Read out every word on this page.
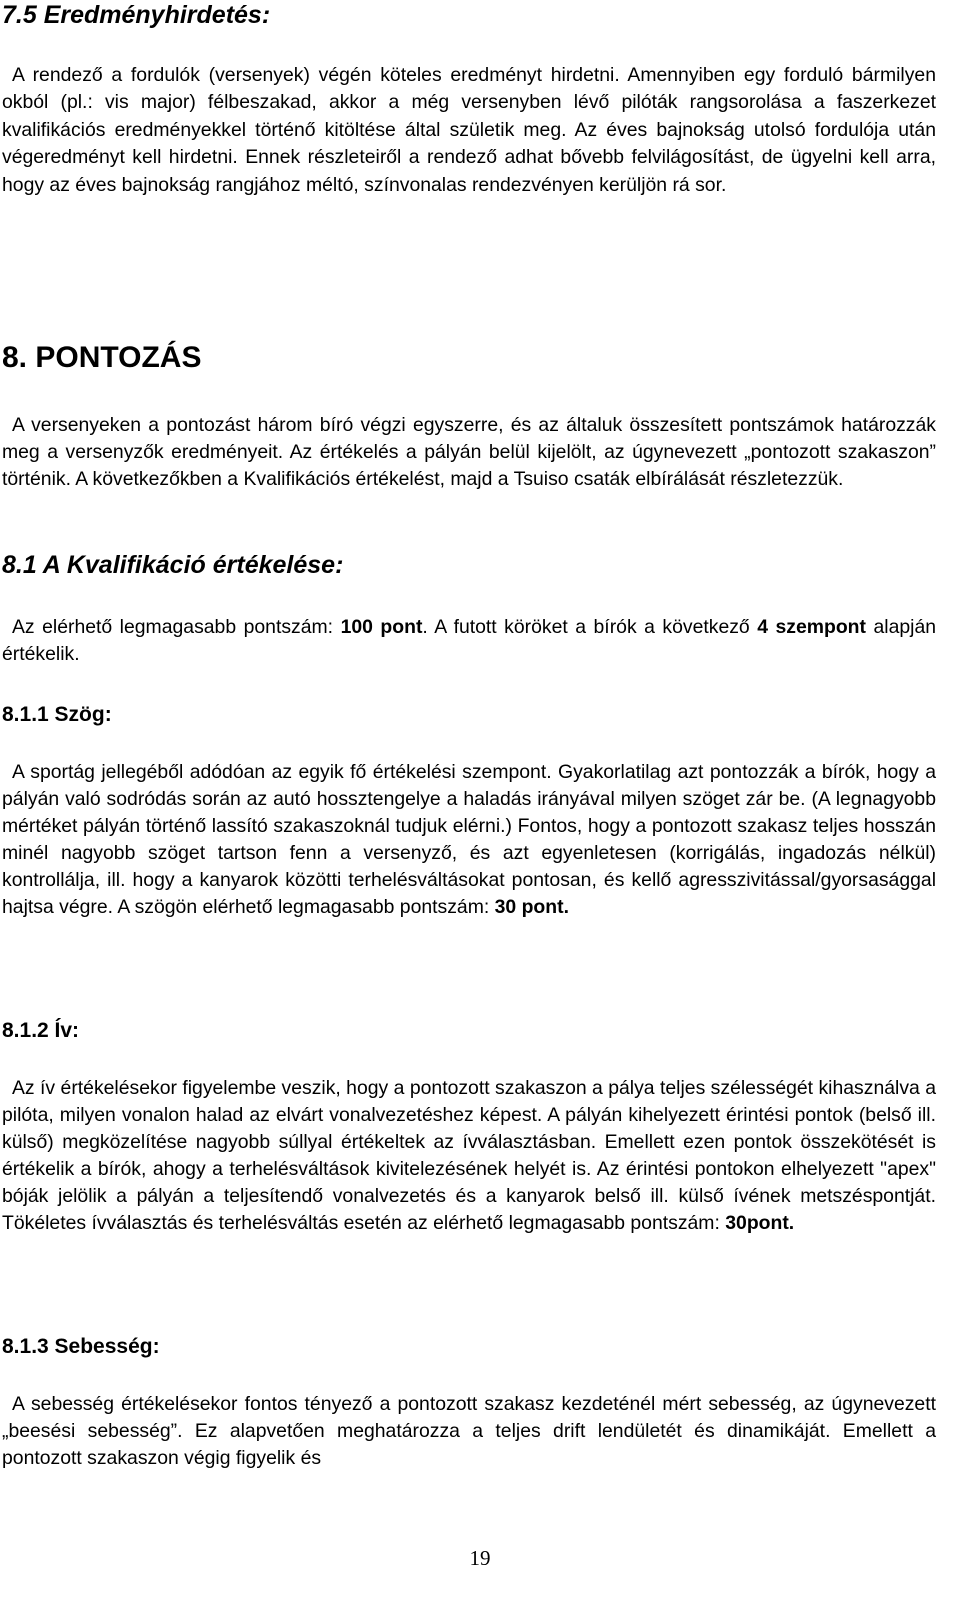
7.5 Eredményhirdetés:

A rendező a fordulók (versenyek) végén köteles eredményt hirdetni. Amennyiben egy forduló bármilyen okból (pl.: vis major) félbeszakad, akkor a még versenyben lévő pilóták rangsorolása a faszerkezet kvalifikációs eredményekkel történő kitöltése által születik meg. Az éves bajnokság utolsó fordulója után végeredményt kell hirdetni. Ennek részleteiről a rendező adhat bővebb felvilágosítást, de ügyelni kell arra, hogy az éves bajnokság rangjához méltó, színvonalas rendezvényen kerüljön rá sor.

8. PONTOZÁS

A versenyeken a pontozást három bíró végzi egyszerre, és az általuk összesített pontszámok határozzák meg a versenyzők eredményeit. Az értékelés a pályán belül kijelölt, az úgynevezett „pontozott szakaszon” történik. A következőkben a Kvalifikációs értékelést, majd a Tsuiso csaták elbírálását részletezzük.

8.1 A Kvalifikáció értékelése:

Az elérhető legmagasabb pontszám: 100 pont. A futott köröket a bírók a következő 4 szempont alapján értékelik.

8.1.1 Szög:

A sportág jellegéből adódóan az egyik fő értékelési szempont. Gyakorlatilag azt pontozzák a bírók, hogy a pályán való sodródás során az autó hossztengelye a haladás irányával milyen szöget zár be. (A legnagyobb mértéket pályán történő lassító szakaszoknál tudjuk elérni.) Fontos, hogy a pontozott szakasz teljes hosszán minél nagyobb szöget tartson fenn a versenyző, és azt egyenletesen (korrigálás, ingadozás nélkül) kontrollálja, ill. hogy a kanyarok közötti terhelésváltásokat pontosan, és kellő agresszivitással/gyorsasággal hajtsa végre. A szögön elérhető legmagasabb pontszám: 30 pont.

8.1.2 Ív:

Az ív értékelésekor figyelembe veszik, hogy a pontozott szakaszon a pálya teljes szélességét kihasználva a pilóta, milyen vonalon halad az elvárt vonalvezetéshez képest. A pályán kihelyezett érintési pontok (belső ill. külső) megközelítése nagyobb súllyal értékeltek az ívválasztásban. Emellett ezen pontok összekötését is értékelik a bírók, ahogy a terhelésváltások kivitelezésének helyét is. Az érintési pontokon elhelyezett "apex" bóják jelölik a pályán a teljesítendő vonalvezetés és a kanyarok belső ill. külső ívének metszéspontját. Tökéletes ívválasztás és terhelésváltás esetén az elérhető legmagasabb pontszám: 30pont.

8.1.3 Sebesség:

A sebesség értékelésekor fontos tényező a pontozott szakasz kezdeténél mért sebesség, az úgynevezett „beesési sebesség”. Ez alapvetően meghatározza a teljes drift lendületét és dinamikáját. Emellett a pontozott szakaszon végig figyelik és

19
